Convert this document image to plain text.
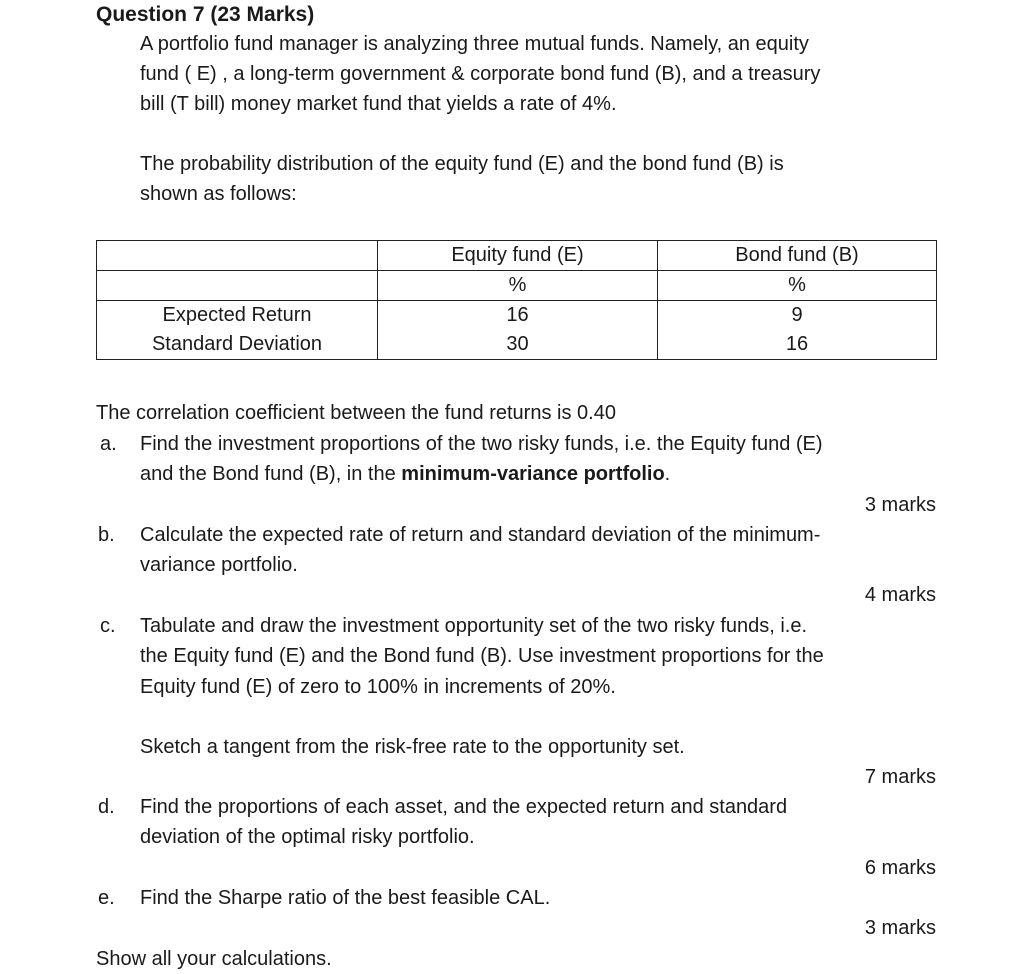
Question 7 (23 Marks)
A portfolio fund manager is analyzing three mutual funds. Namely, an equity
fund ( E) , a long-term government & corporate bond fund (B), and a treasury
bill (T bill) money market fund that yields a rate of 4%.
The probability distribution of the equity fund (E) and the bond fund (B) is
shown as follows:
	Equity fund (E)	Bond fund (B)
	%	%
Expected Return	16	9
Standard Deviation	30	16
The correlation coefficient between the fund returns is 0.40
a. Find the investment proportions of the two risky funds, i.e. the Equity fund (E)
and the Bond fund (B), in the minimum-variance portfolio.
3 marks
b. Calculate the expected rate of return and standard deviation of the minimum-
variance portfolio.
4 marks
c. Tabulate and draw the investment opportunity set of the two risky funds, i.e.
the Equity fund (E) and the Bond fund (B). Use investment proportions for the
Equity fund (E) of zero to 100% in increments of 20%.
Sketch a tangent from the risk-free rate to the opportunity set.
7 marks
d. Find the proportions of each asset, and the expected return and standard
deviation of the optimal risky portfolio.
6 marks
e. Find the Sharpe ratio of the best feasible CAL.
3 marks
Show all your calculations.
